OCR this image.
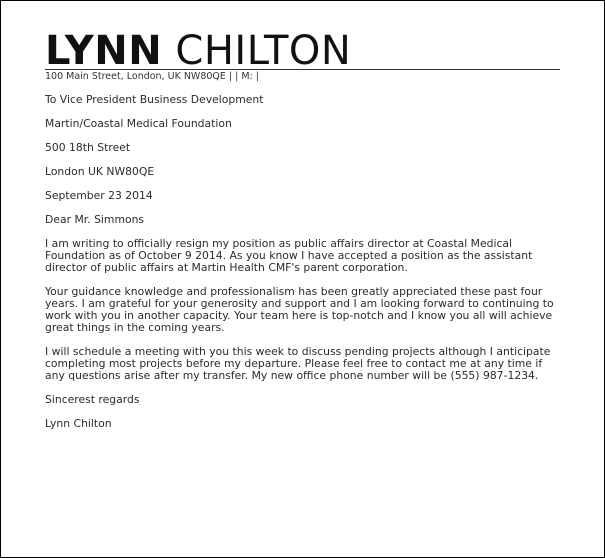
LYNN CHILTON
100 Main Street, London, UK NW80QE | | M: |

To Vice President Business Development

Martin/Coastal Medical Foundation

500 18th Street

London UK NW80QE

September 23 2014

Dear Mr. Simmons

I am writing to officially resign my position as public affairs director at Coastal Medical Foundation as of October 9 2014. As you know I have accepted a position as the assistant director of public affairs at Martin Health CMF's parent corporation.

Your guidance knowledge and professionalism has been greatly appreciated these past four years. I am grateful for your generosity and support and I am looking forward to continuing to work with you in another capacity. Your team here is top-notch and I know you all will achieve great things in the coming years.

I will schedule a meeting with you this week to discuss pending projects although I anticipate completing most projects before my departure. Please feel free to contact me at any time if any questions arise after my transfer. My new office phone number will be (555) 987-1234.

Sincerest regards

Lynn Chilton
